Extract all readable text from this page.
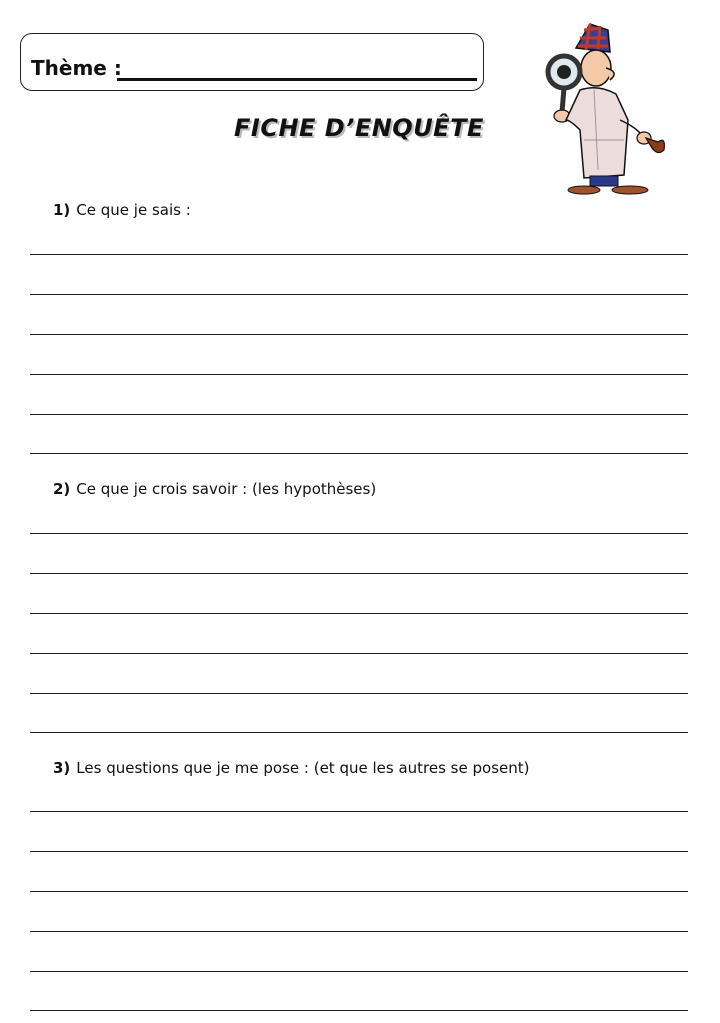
Thème :
FICHE D’ENQUÊTE
1) Ce que je sais :
2) Ce que je crois savoir : (les hypothèses)
3) Les questions que je me pose : (et que les autres se posent)
